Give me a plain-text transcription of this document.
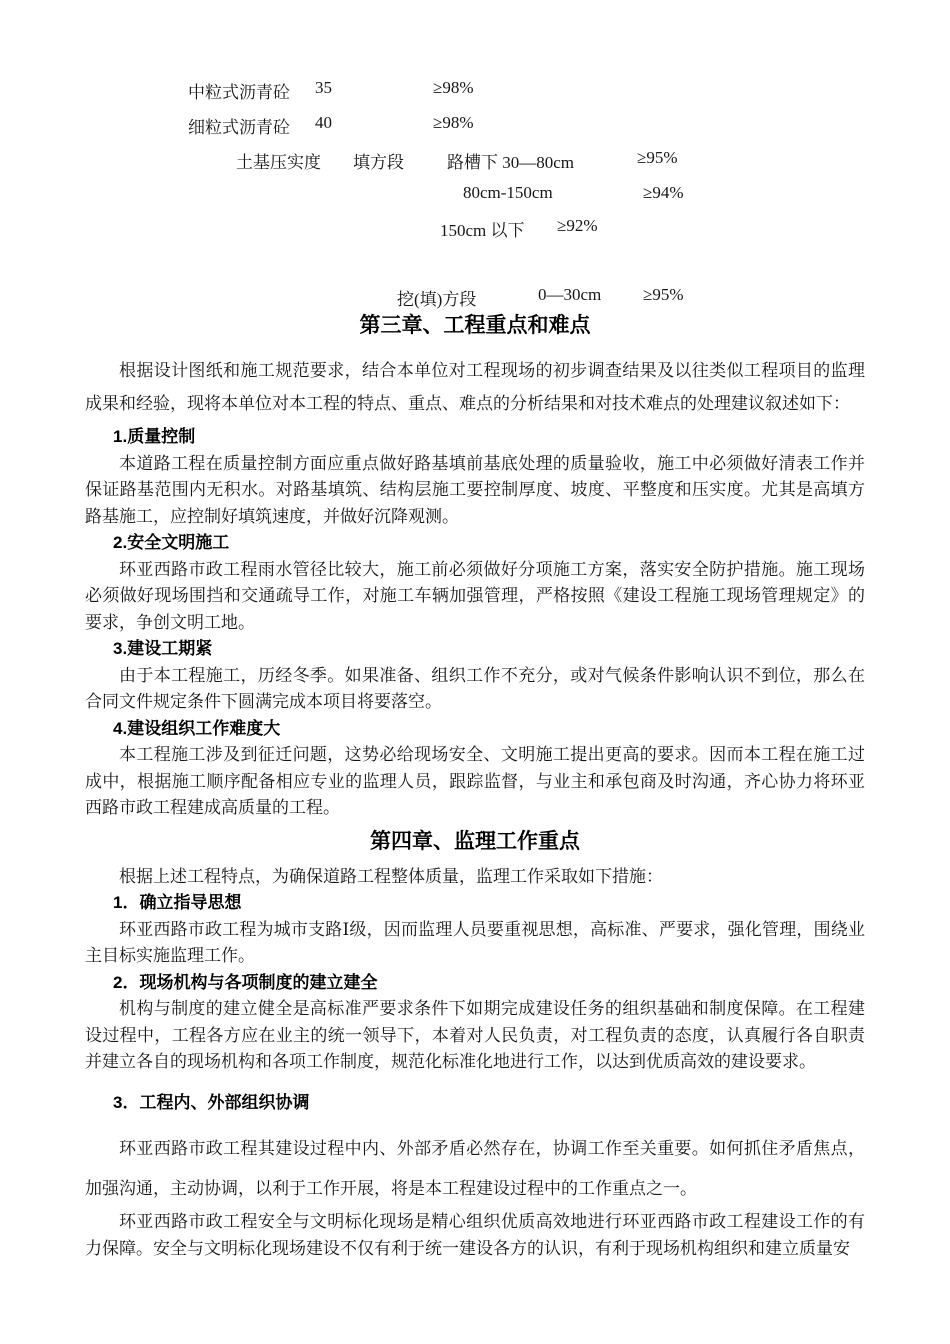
中粒式沥青砼 35	≥98%
细粒式沥青砼 40	≥98%
土基压实度 填方段	路槽下 30—80cm	≥95%
80cm-150cm	≥94%
150cm 以下 ≥92%
挖(填)方段	0—30cm ≥95%
第三章、工程重点和难点

根据设计图纸和施工规范要求，结合本单位对工程现场的初步调查结果及以往类似工程项目的监理成果和经验，现将本单位对本工程的特点、重点、难点的分析结果和对技术难点的处理建议叙述如下：

1.质量控制

本道路工程在质量控制方面应重点做好路基填前基底处理的质量验收，施工中必须做好清表工作并保证路基范围内无积水。对路基填筑、结构层施工要控制厚度、坡度、平整度和压实度。尤其是高填方路基施工，应控制好填筑速度，并做好沉降观测。

2.安全文明施工

环亚西路市政工程雨水管径比较大，施工前必须做好分项施工方案，落实安全防护措施。施工现场必须做好现场围挡和交通疏导工作，对施工车辆加强管理，严格按照《建设工程施工现场管理规定》的要求，争创文明工地。

3.建设工期紧

由于本工程施工，历经冬季。如果准备、组织工作不充分，或对气候条件影响认识不到位，那么在合同文件规定条件下圆满完成本项目将要落空。

4.建设组织工作难度大

本工程施工涉及到征迁问题，这势必给现场安全、文明施工提出更高的要求。因而本工程在施工过成中，根据施工顺序配备相应专业的监理人员，跟踪监督，与业主和承包商及时沟通，齐心协力将环亚西路市政工程建成高质量的工程。

第四章、监理工作重点

根据上述工程特点，为确保道路工程整体质量，监理工作采取如下措施：

1．确立指导思想

环亚西路市政工程为城市支路Ⅰ级，因而监理人员要重视思想，高标准、严要求，强化管理，围绕业主目标实施监理工作。

2．现场机构与各项制度的建立建全

机构与制度的建立健全是高标准严要求条件下如期完成建设任务的组织基础和制度保障。在工程建设过程中，工程各方应在业主的统一领导下，本着对人民负责，对工程负责的态度，认真履行各自职责并建立各自的现场机构和各项工作制度，规范化标准化地进行工作，以达到优质高效的建设要求。

3．工程内、外部组织协调

环亚西路市政工程其建设过程中内、外部矛盾必然存在，协调工作至关重要。如何抓住矛盾焦点，加强沟通，主动协调，以利于工作开展，将是本工程建设过程中的工作重点之一。

环亚西路市政工程安全与文明标化现场是精心组织优质高效地进行环亚西路市政工程建设工作的有力保障。安全与文明标化现场建设不仅有利于统一建设各方的认识，有利于现场机构组织和建立质量安
